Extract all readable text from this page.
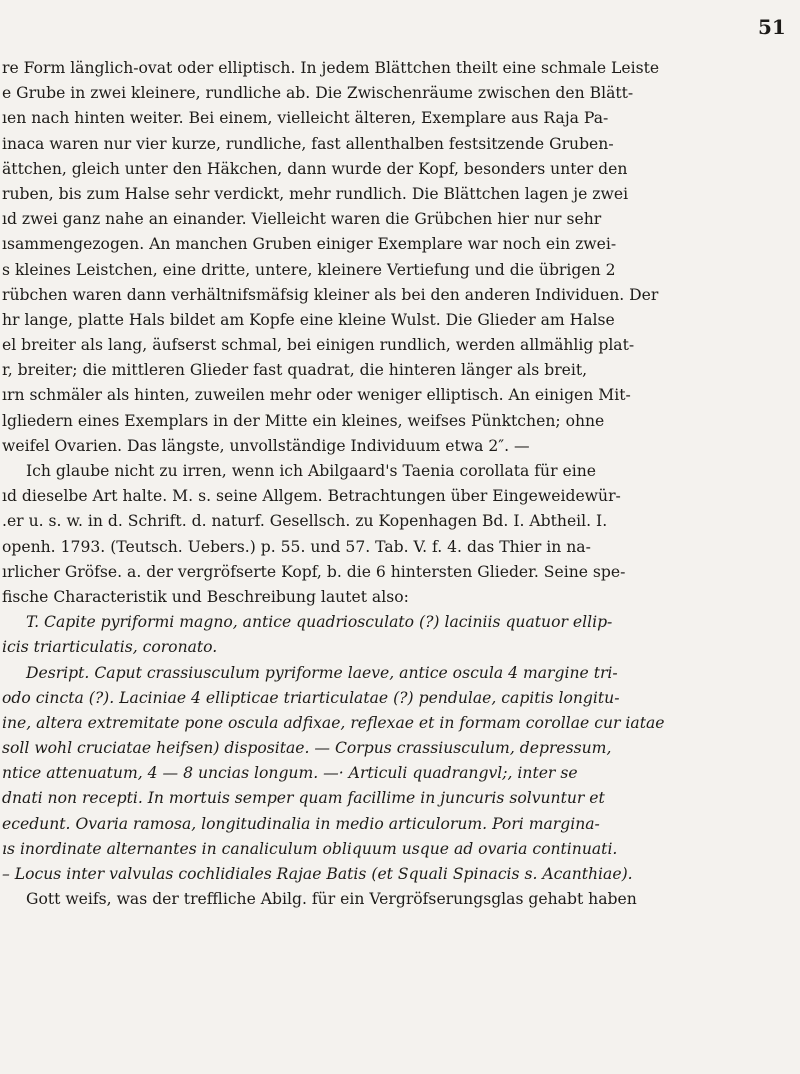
51
re Form länglich-ovat oder elliptisch. In jedem Blättchen theilt eine schmale Leiste
e Grube in zwei kleinere, rundliche ab. Die Zwischenräume zwischen den Blätt-
ıen nach hinten weiter. Bei einem, vielleicht älteren, Exemplare aus Raja Pa-
inaca waren nur vier kurze, rundliche, fast allenthalben festsitzende Gruben-
ättchen, gleich unter den Häkchen, dann wurde der Kopf, besonders unter den
ruben, bis zum Halse sehr verdickt, mehr rundlich. Die Blättchen lagen je zwei
ıd zwei ganz nahe an einander. Vielleicht waren die Grübchen hier nur sehr
ısammengezogen. An manchen Gruben einiger Exemplare war noch ein zwei-
s kleines Leistchen, eine dritte, untere, kleinere Vertiefung und die übrigen 2
rübchen waren dann verhältnifsmäfsig kleiner als bei den anderen Individuen. Der
hr lange, platte Hals bildet am Kopfe eine kleine Wulst. Die Glieder am Halse
el breiter als lang, äufserst schmal, bei einigen rundlich, werden allmählig plat-
r, breiter; die mittleren Glieder fast quadrat, die hinteren länger als breit,
ırn schmäler als hinten, zuweilen mehr oder weniger elliptisch. An einigen Mit-
lgliedern eines Exemplars in der Mitte ein kleines, weifses Pünktchen; ohne
weifel Ovarien. Das längste, unvollständige Individuum etwa 2″. —
Ich glaube nicht zu irren, wenn ich Abilgaard's Taenia corollata für eine
ıd dieselbe Art halte. M. s. seine Allgem. Betrachtungen über Eingeweidewür-
.er u. s. w. in d. Schrift. d. naturf. Gesellsch. zu Kopenhagen Bd. I. Abtheil. I.
openh. 1793. (Teutsch. Uebers.) p. 55. und 57. Tab. V. f. 4. das Thier in na-
ırlicher Gröfse. a. der vergröfserte Kopf, b. die 6 hintersten Glieder. Seine spe-
fische Characteristik und Beschreibung lautet also:
T. Capite pyriformi magno, antice quadriosculato (?) laciniis quatuor ellip-
icis triarticulatis, coronato.
Desript. Caput crassiusculum pyriforme laeve, antice oscula 4 margine tri-
odo cincta (?). Laciniae 4 ellipticae triarticulatae (?) pendulae, capitis longitu-
ine, altera extremitate pone oscula adfixae, reflexae et in formam corollae cur iatae
soll wohl cruciatae heifsen) dispositae. — Corpus crassiusculum, depressum,
ntice attenuatum, 4 — 8 uncias longum. —· Articuli quadrangvl;, inter se
dnati non recepti. In mortuis semper quam facillime in juncuris solvuntur et
ecedunt. Ovaria ramosa, longitudinalia in medio articulorum. Pori margina-
ıs inordinate alternantes in canaliculum obliquum usque ad ovaria continuati.
– Locus inter valvulas cochlidiales Rajae Batis (et Squali Spinacis s. Acanthiae).
Gott weifs, was der treffliche Abilg. für ein Vergröfserungsglas gehabt haben
